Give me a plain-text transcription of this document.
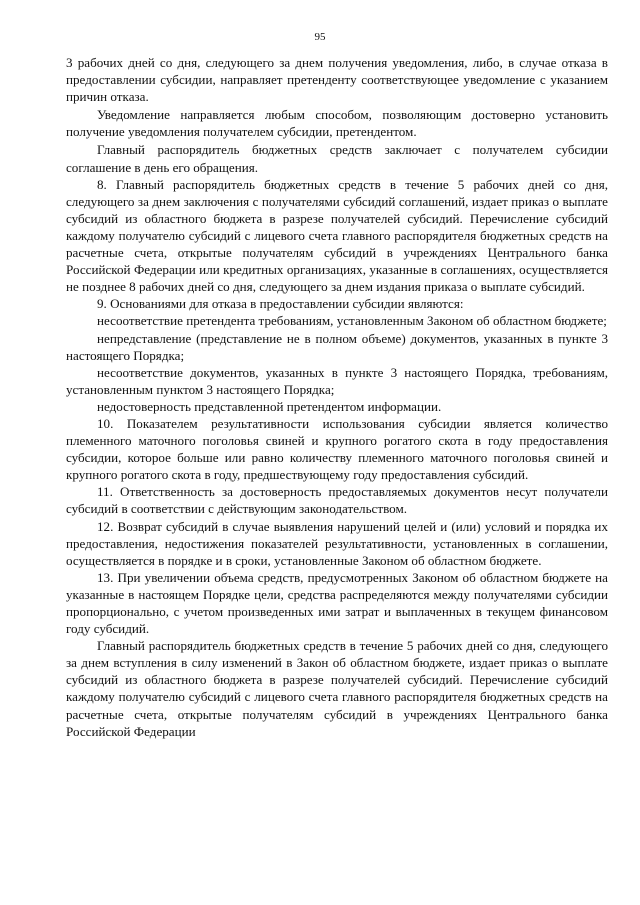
95

3 рабочих дней со дня, следующего за днем получения уведомления, либо, в случае отказа в предоставлении субсидии, направляет претенденту соответствующее уведомление с указанием причин отказа.

Уведомление направляется любым способом, позволяющим достоверно установить получение уведомления получателем субсидии, претендентом.

Главный распорядитель бюджетных средств заключает с получателем субсидии соглашение в день его обращения.

8. Главный распорядитель бюджетных средств в течение 5 рабочих дней со дня, следующего за днем заключения с получателями субсидий соглашений, издает приказ о выплате субсидий из областного бюджета в разрезе получателей субсидий. Перечисление субсидий каждому получателю субсидий с лицевого счета главного распорядителя бюджетных средств на расчетные счета, открытые получателям субсидий в учреждениях Центрального банка Российской Федерации или кредитных организациях, указанные в соглашениях, осуществляется не позднее 8 рабочих дней со дня, следующего за днем издания приказа о выплате субсидий.

9. Основаниями для отказа в предоставлении субсидии являются:

несоответствие претендента требованиям, установленным Законом об областном бюджете;

непредставление (представление не в полном объеме) документов, указанных в пункте 3 настоящего Порядка;

несоответствие документов, указанных в пункте 3 настоящего Порядка, требованиям, установленным пунктом 3 настоящего Порядка;

недостоверность представленной претендентом информации.

10. Показателем результативности использования субсидии является количество племенного маточного поголовья свиней и крупного рогатого скота в году предоставления субсидии, которое больше или равно количеству племенного маточного поголовья свиней и крупного рогатого скота в году, предшествующему году предоставления субсидий.

11. Ответственность за достоверность предоставляемых документов несут получатели субсидий в соответствии с действующим законодательством.

12. Возврат субсидий в случае выявления нарушений целей и (или) условий и порядка их предоставления, недостижения показателей результативности, установленных в соглашении, осуществляется в порядке и в сроки, установленные Законом об областном бюджете.

13. При увеличении объема средств, предусмотренных Законом об областном бюджете на указанные в настоящем Порядке цели, средства распределяются между получателями субсидии пропорционально, с учетом произведенных ими затрат и выплаченных в текущем финансовом году субсидий.

Главный распорядитель бюджетных средств в течение 5 рабочих дней со дня, следующего за днем вступления в силу изменений в Закон об областном бюджете, издает приказ о выплате субсидий из областного бюджета в разрезе получателей субсидий. Перечисление субсидий каждому получателю субсидий с лицевого счета главного распорядителя бюджетных средств на расчетные счета, открытые получателям субсидий в учреждениях Центрального банка Российской Федерации
